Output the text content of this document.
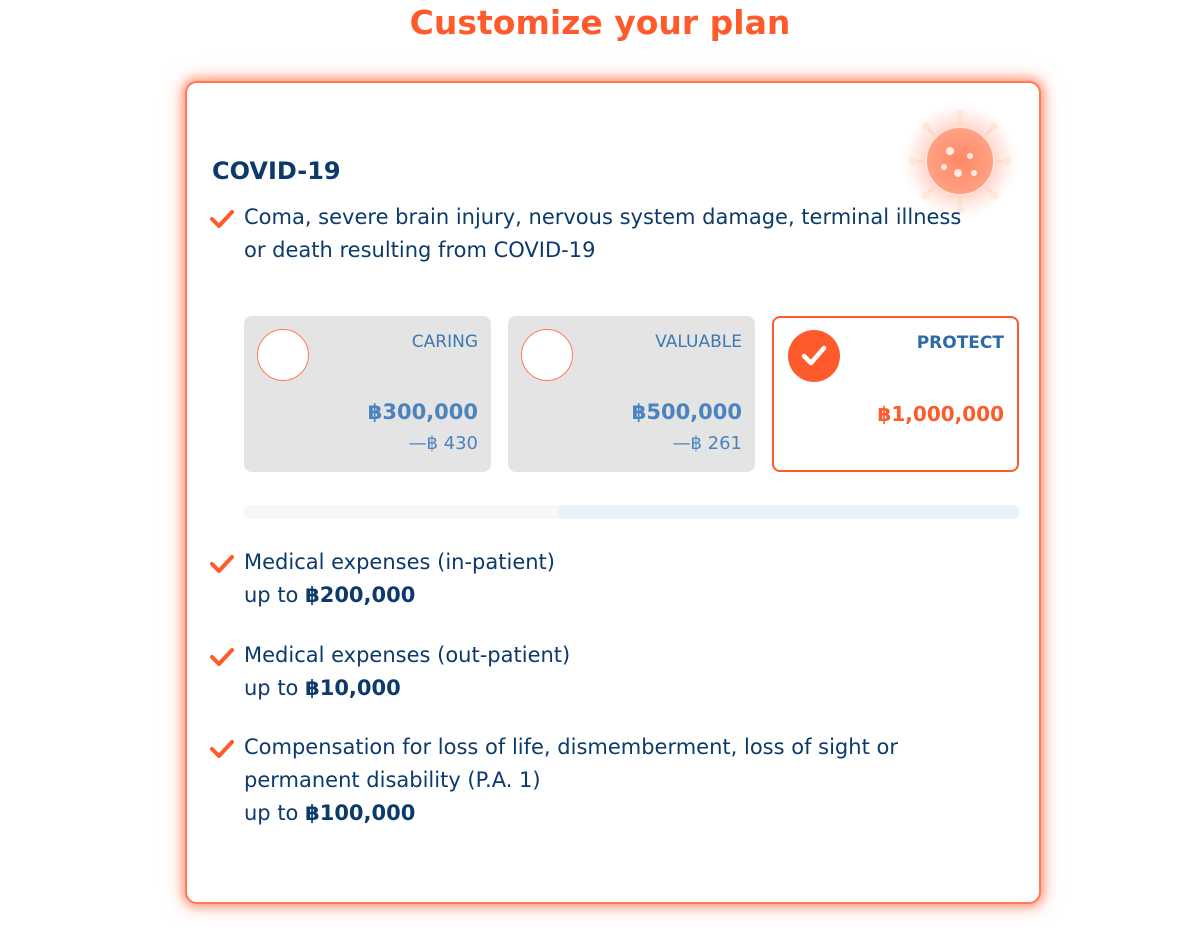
Customize your plan
COVID-19
Coma, severe brain injury, nervous system damage, terminal illness
or death resulting from COVID-19
CARING
฿300,000
—฿ 430
VALUABLE
฿500,000
—฿ 261
PROTECT
฿1,000,000
Medical expenses (in-patient)
up to ฿200,000
Medical expenses (out-patient)
up to ฿10,000
Compensation for loss of life, dismemberment, loss of sight or
permanent disability (P.A. 1)
up to ฿100,000
